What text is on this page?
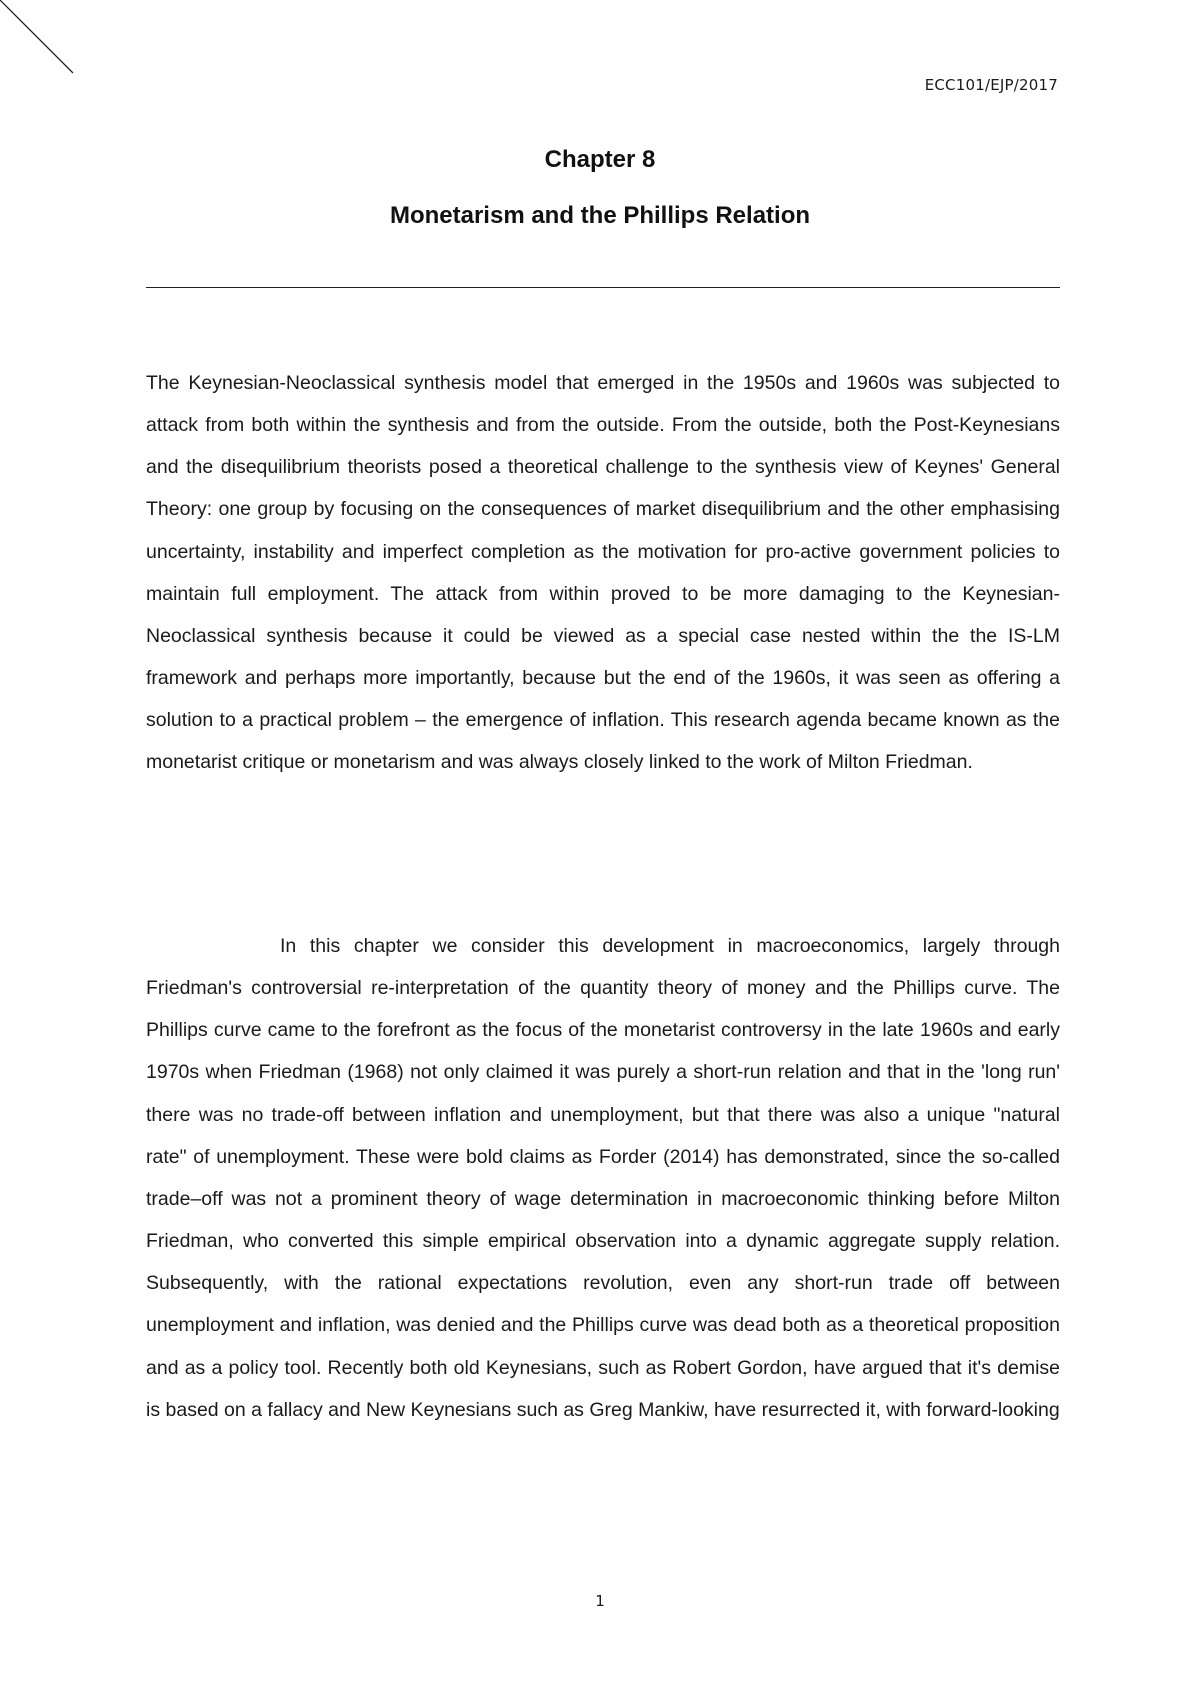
ECC101/EJP/2017
Chapter 8
Monetarism and the Phillips Relation
The Keynesian-Neoclassical synthesis model that emerged in the 1950s and 1960s was subjected to attack from both within the synthesis and from the outside. From the outside, both the Post-Keynesians and the disequilibrium theorists posed a theoretical challenge to the synthesis view of Keynes' General Theory: one group by focusing on the consequences of market disequilibrium and the other emphasising uncertainty, instability and imperfect completion as the motivation for pro-active government policies to maintain full employment. The attack from within proved to be more damaging to the Keynesian-Neoclassical synthesis because it could be viewed as a special case nested within the the IS-LM framework and perhaps more importantly, because but the end of the 1960s, it was seen as offering a solution to a practical problem – the emergence of inflation. This research agenda became known as the monetarist critique or monetarism and was always closely linked to the work of Milton Friedman.
In this chapter we consider this development in macroeconomics, largely through Friedman's controversial re-interpretation of the quantity theory of money and the Phillips curve. The Phillips curve came to the forefront as the focus of the monetarist controversy in the late 1960s and early 1970s when Friedman (1968) not only claimed it was purely a short-run relation and that in the 'long run' there was no trade-off between inflation and unemployment, but that there was also a unique "natural rate" of unemployment. These were bold claims as Forder (2014) has demonstrated, since the so-called trade–off was not a prominent theory of wage determination in macroeconomic thinking before Milton Friedman, who converted this simple empirical observation into a dynamic aggregate supply relation. Subsequently, with the rational expectations revolution, even any short-run trade off between unemployment and inflation, was denied and the Phillips curve was dead both as a theoretical proposition and as a policy tool. Recently both old Keynesians, such as Robert Gordon, have argued that it's demise is based on a fallacy and New Keynesians such as Greg Mankiw, have resurrected it, with forward-looking
1
